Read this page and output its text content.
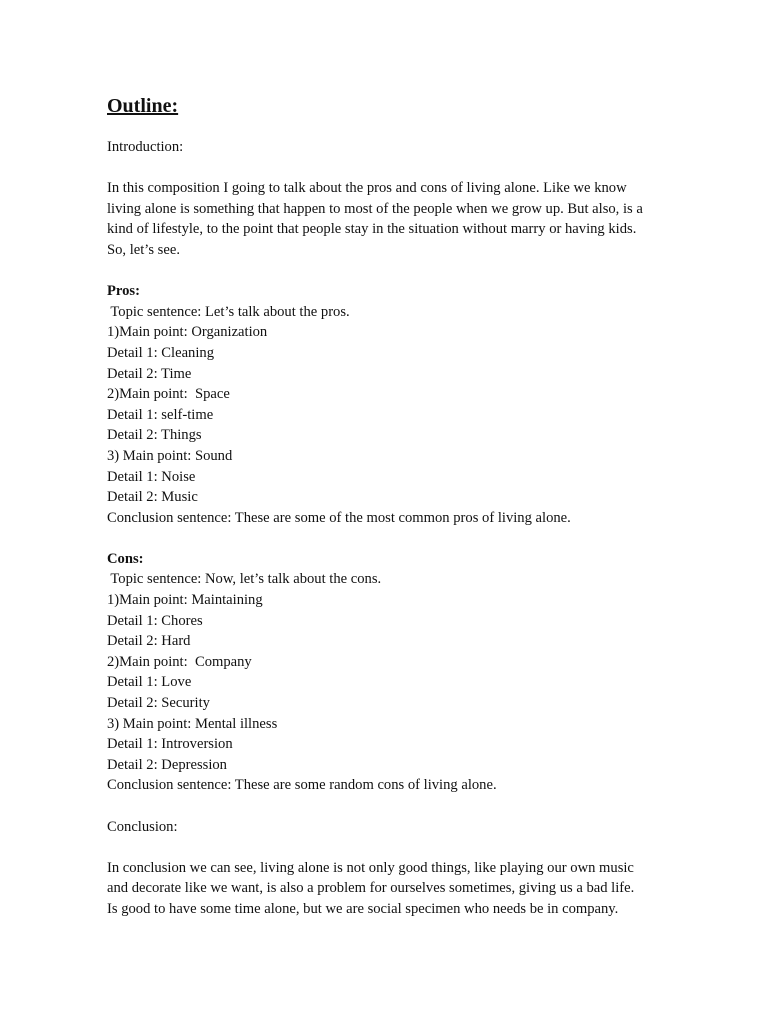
Outline:
Introduction:
In this composition I going to talk about the pros and cons of living alone. Like we know
living alone is something that happen to most of the people when we grow up. But also, is a
kind of lifestyle, to the point that people stay in the situation without marry or having kids.
So, let’s see.
Pros:
Topic sentence: Let’s talk about the pros.
1)Main point: Organization
Detail 1: Cleaning
Detail 2: Time
2)Main point:  Space
Detail 1: self-time
Detail 2: Things
3) Main point: Sound
Detail 1: Noise
Detail 2: Music
Conclusion sentence: These are some of the most common pros of living alone.
Cons:
Topic sentence: Now, let’s talk about the cons.
1)Main point: Maintaining
Detail 1: Chores
Detail 2: Hard
2)Main point:  Company
Detail 1: Love
Detail 2: Security
3) Main point: Mental illness
Detail 1: Introversion
Detail 2: Depression
Conclusion sentence: These are some random cons of living alone.
Conclusion:
In conclusion we can see, living alone is not only good things, like playing our own music
and decorate like we want, is also a problem for ourselves sometimes, giving us a bad life.
Is good to have some time alone, but we are social specimen who needs be in company.
